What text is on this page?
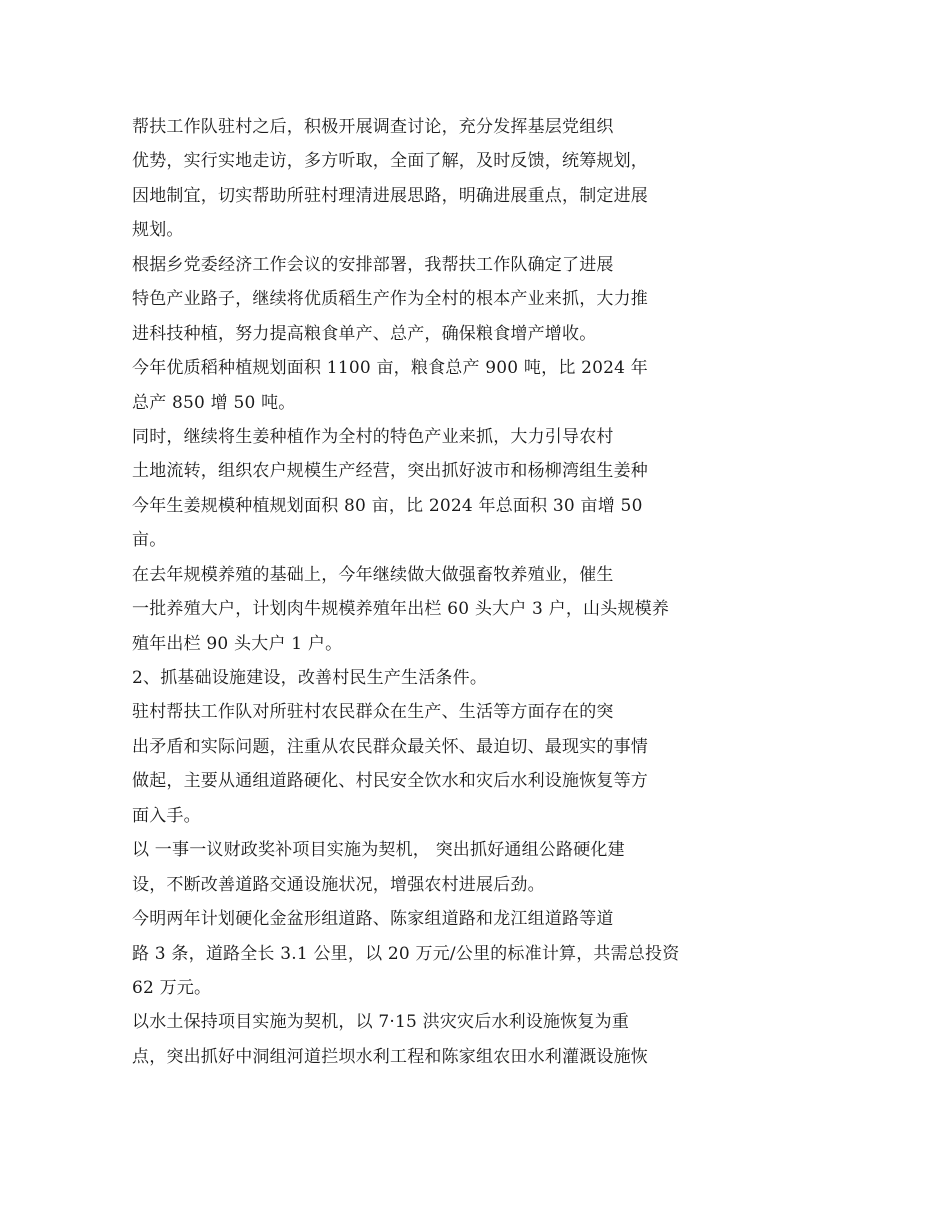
帮扶工作队驻村之后，积极开展调查讨论，充分发挥基层党组织
优势，实行实地走访，多方听取，全面了解，及时反馈，统筹规划，
因地制宜，切实帮助所驻村理清进展思路，明确进展重点，制定进展
规划。
根据乡党委经济工作会议的安排部署，我帮扶工作队确定了进展
特色产业路子，继续将优质稻生产作为全村的根本产业来抓，大力推
进科技种植，努力提高粮食单产、总产，确保粮食增产增收。
今年优质稻种植规划面积 1100 亩，粮食总产 900 吨，比 2024 年
总产 850 增 50 吨。
同时，继续将生姜种植作为全村的特色产业来抓，大力引导农村
土地流转，组织农户规模生产经营，突出抓好波市和杨柳湾组生姜种
今年生姜规模种植规划面积 80 亩，比 2024 年总面积 30 亩增 50
亩。
在去年规模养殖的基础上，今年继续做大做强畜牧养殖业，催生
一批养殖大户，计划肉牛规模养殖年出栏 60 头大户 3 户，山头规模养
殖年出栏 90 头大户 1 户。
2、抓基础设施建设，改善村民生产生活条件。
驻村帮扶工作队对所驻村农民群众在生产、生活等方面存在的突
出矛盾和实际问题，注重从农民群众最关怀、最迫切、最现实的事情
做起，主要从通组道路硬化、村民安全饮水和灾后水利设施恢复等方
面入手。
以 一事一议财政奖补项目实施为契机， 突出抓好通组公路硬化建
设，不断改善道路交通设施状况，增强农村进展后劲。
今明两年计划硬化金盆形组道路、陈家组道路和龙江组道路等道
路 3 条，道路全长 3.1 公里，以 20 万元/公里的标准计算，共需总投资
62 万元。
以水土保持项目实施为契机，以 7·15 洪灾灾后水利设施恢复为重
点，突出抓好中洞组河道拦坝水利工程和陈家组农田水利灌溉设施恢
